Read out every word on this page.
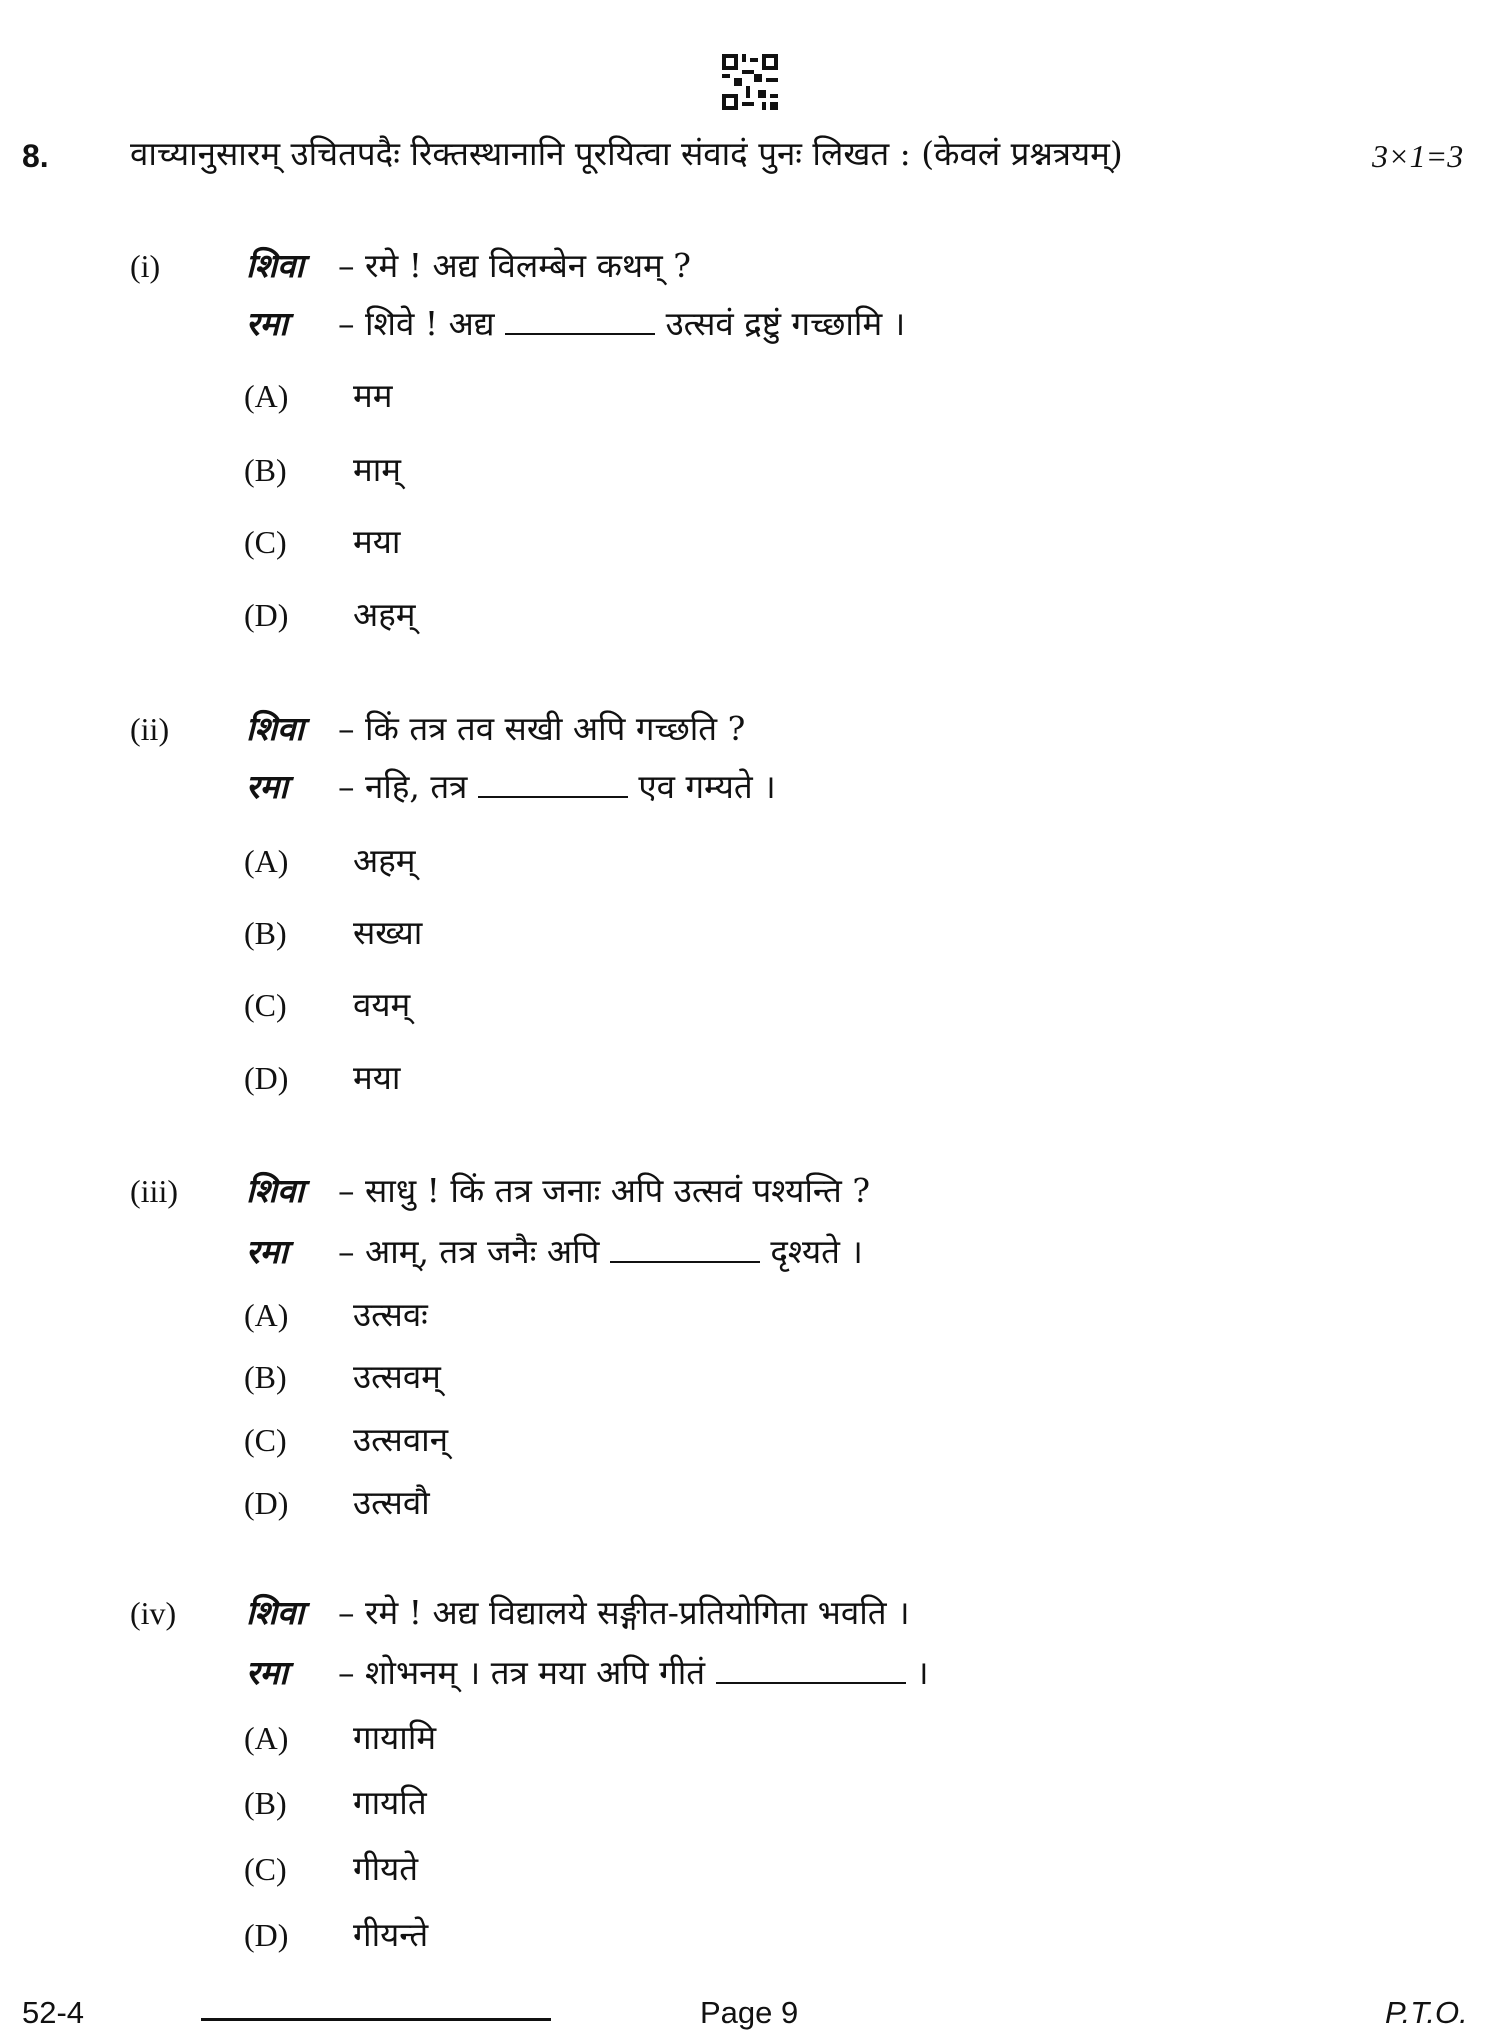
8. वाच्यानुसारम् उचितपदैः रिक्तस्थानानि पूरयित्वा संवादं पुनः लिखत : (केवलं प्रश्नत्रयम्)	3×1=3
(i)	शिवा – रमे ! अद्य विलम्बेन कथम् ?
रमा – शिवे ! अद्य	उत्सवं द्रष्टुं गच्छामि ।
(A) मम
(B) माम्
(C) मया
(D) अहम्
(ii) शिवा – किं तत्र तव सखी अपि गच्छति ?
रमा – नहि, तत्र	एव गम्यते ।
(A) अहम्
(B) सख्या
(C) वयम्
(D) मया
(iii) शिवा – साधु ! किं तत्र जनाः अपि उत्सवं पश्यन्ति ?
रमा – आम्, तत्र जनैः अपि	दृश्यते ।
(A) उत्सवः
(B) उत्सवम्
(C) उत्सवान्
(D) उत्सवौ
(iv) शिवा – रमे ! अद्य विद्यालये सङ्गीत-प्रतियोगिता भवति ।
रमा – शोभनम् । तत्र मया अपि गीतं	।
(A) गायामि
(B) गायति
(C) गीयते
(D) गीयन्ते
52-4	Page 9	P.T.O.
